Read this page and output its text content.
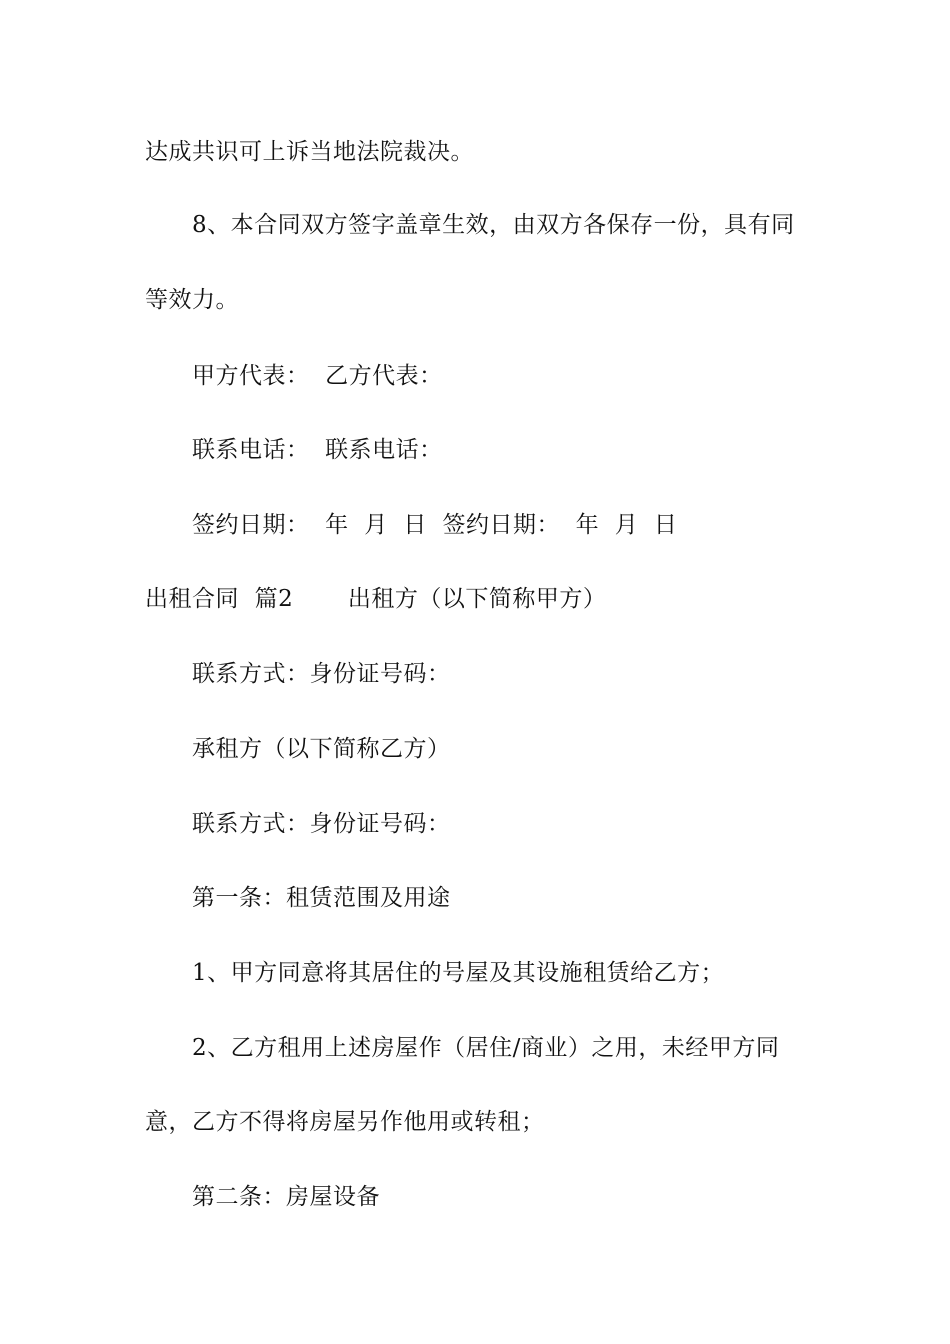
达成共识可上诉当地法院裁决。
8、本合同双方签字盖章生效，由双方各保存一份，具有同
等效力。
甲方代表：  乙方代表：
联系电话：  联系电话：
签约日期：  年  月  日  签约日期：  年  月  日
出租合同  篇2       出租方（以下简称甲方）
联系方式：身份证号码：
承租方（以下简称乙方）
联系方式：身份证号码：
第一条：租赁范围及用途
1、甲方同意将其居住的号屋及其设施租赁给乙方；
2、乙方租用上述房屋作（居住/商业）之用，未经甲方同
意，乙方不得将房屋另作他用或转租；
第二条：房屋设备
